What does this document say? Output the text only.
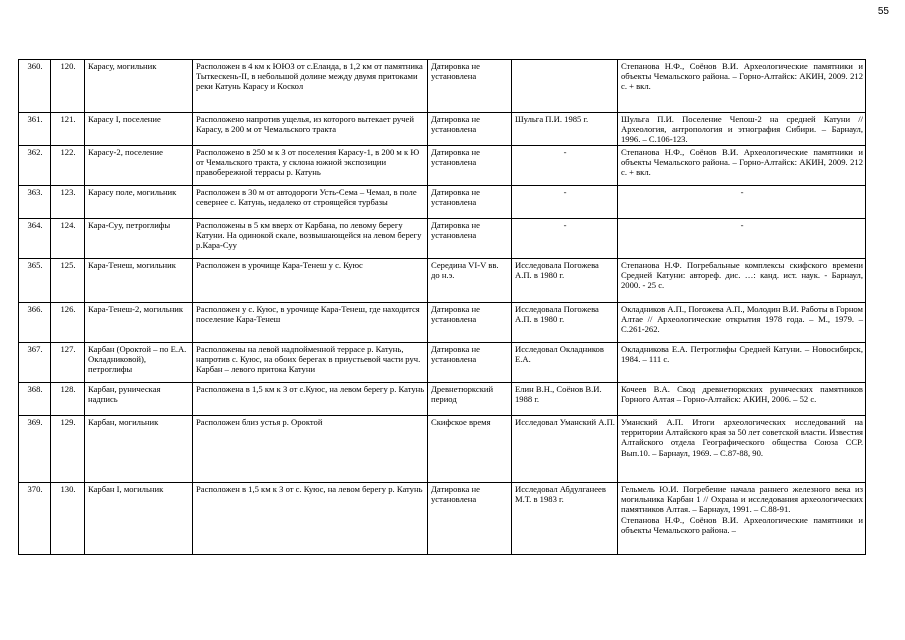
55
360.	120.	Карасу, могильник	Расположен в 4 км к ЮЮЗ от с.Еланда, в 1,2 км от памятника Тыткескень-II, в небольшой долине между двумя притоками реки Катунь Карасу и Коскол	Датировка не установлена		Степанова Н.Ф., Соёнов В.И. Археологические памятники и объекты Чемальского района. – Горно-Алтайск: АКИН, 2009. 212 с. + вкл.
361.	121.	Карасу I, поселение	Расположено напротив ущелья, из которого вытекает ручей Карасу, в 200 м от Чемальского тракта	Датировка не установлена	Шульга П.И. 1985 г.	Шульга П.И. Поселение Чепош-2 на средней Катуни // Археология, антропология и этнография Сибири. – Барнаул, 1996. – С.106-123.
362.	122.	Карасу-2, поселение	Расположено в 250 м к З от поселения Карасу-1, в 200 м к Ю от Чемальского тракта, у склона южной экспозиции правобережной террасы р. Катунь	Датировка не установлена	-	Степанова Н.Ф., Соёнов В.И. Археологические памятники и объекты Чемальского района. – Горно-Алтайск: АКИН, 2009. 212 с. + вкл.
363.	123.	Карасу поле, могильник	Расположен в 30 м от автодороги Усть-Сема – Чемал, в поле севернее с. Катунь, недалеко от строящейся турбазы	Датировка не установлена	-	-
364.	124.	Кара-Суу, петроглифы	Расположены в 5 км вверх от Карбана, по левому берегу Катуни. На одинокой скале, возвышающейся на левом берегу р.Кара-Суу	Датировка не установлена	-	-
365.	125.	Кара-Тенеш, могильник	Расположен в урочище Кара-Тенеш у с. Куюс	Середина VI-V вв. до н.э.	Исследовала Погожева А.П. в 1980 г.	Степанова Н.Ф. Погребальные комплексы скифского времени Средней Катуни: автореф. дис. …: канд. ист. наук. - Барнаул, 2000. - 25 с.
366.	126.	Кара-Тенеш-2, могильник	Расположен у с. Куюс, в урочище Кара-Тенеш, где находится поселение Кара-Тенеш	Датировка не установлена	Исследовала Погожева А.П. в 1980 г.	Окладников А.П., Погожева А.П., Молодин В.И. Работы в Горном Алтае // Археологические открытия 1978 года. – М., 1979. – С.261-262.
367.	127.	Карбан (Ороктой – по Е.А. Окладниковой), петроглифы	Расположены на левой надпойменной террасе р. Катунь, напротив с. Куюс, на обоих берегах в приустьевой части руч. Карбан – левого притока Катуни	Датировка не установлена	Исследовал Окладников Е.А.	Окладникова Е.А. Петроглифы Средней Катуни. – Новосибирск, 1984. – 111 с.
368.	128.	Карбан, руническая надпись	Расположена в 1,5 км к З от с.Куюс, на левом берегу р. Катунь	Древнетюркский период	Елин В.Н., Соёнов В.И. 1988 г.	Кочеев В.А. Свод древнетюркских рунических памятников Горного Алтая – Горно-Алтайск: АКИН, 2006. – 52 с.
369.	129.	Карбан, могильник	Расположен близ устья р. Ороктой	Скифское время	Исследовал Уманский А.П.	Уманский А.П. Итоги археологических исследований на территории Алтайского края за 50 лет советской власти. Известия Алтайского отдела Географического общества Союза ССР. Вып.10. – Барнаул, 1969. – С.87-88, 90.
370.	130.	Карбан I, могильник	Расположен в 1,5 км к З от с. Куюс, на левом берегу р. Катунь	Датировка не установлена	Исследовал Абдулганеев М.Т. в 1983 г.	Гельмель Ю.И. Погребение начала раннего железного века из могильника Карбан 1 // Охрана и исследования археологических памятников Алтая. – Барнаул, 1991. – С.88-91.
Степанова Н.Ф., Соёнов В.И. Археологические памятники и объекты Чемальского района. –
